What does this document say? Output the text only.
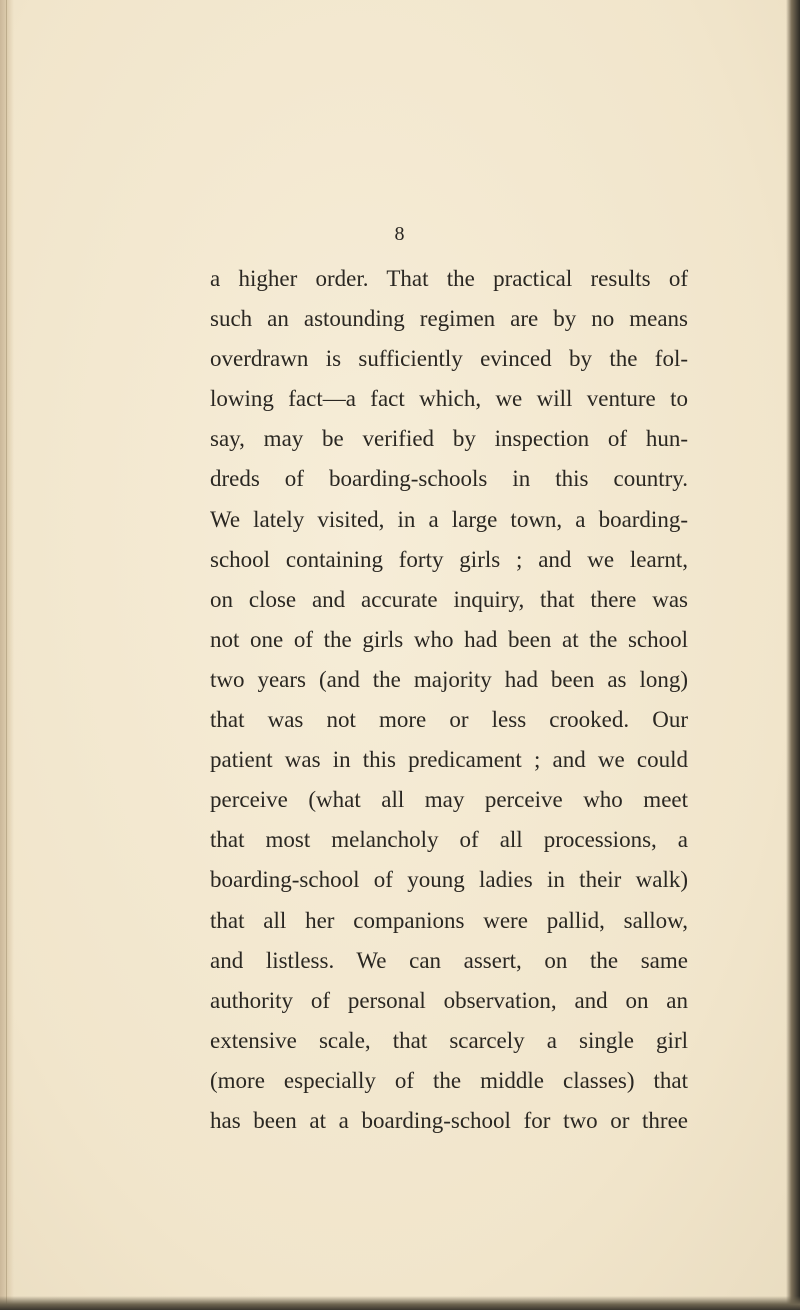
8
a higher order. That the practical results of
such an astounding regimen are by no means
overdrawn is sufficiently evinced by the fol-
lowing fact—a fact which, we will venture to
say, may be verified by inspection of hun-
dreds of boarding-schools in this country.
We lately visited, in a large town, a boarding-
school containing forty girls ; and we learnt,
on close and accurate inquiry, that there was
not one of the girls who had been at the school
two years (and the majority had been as long)
that was not more or less crooked. Our
patient was in this predicament ; and we could
perceive (what all may perceive who meet
that most melancholy of all processions, a
boarding-school of young ladies in their walk)
that all her companions were pallid, sallow,
and listless. We can assert, on the same
authority of personal observation, and on an
extensive scale, that scarcely a single girl
(more especially of the middle classes) that
has been at a boarding-school for two or three
